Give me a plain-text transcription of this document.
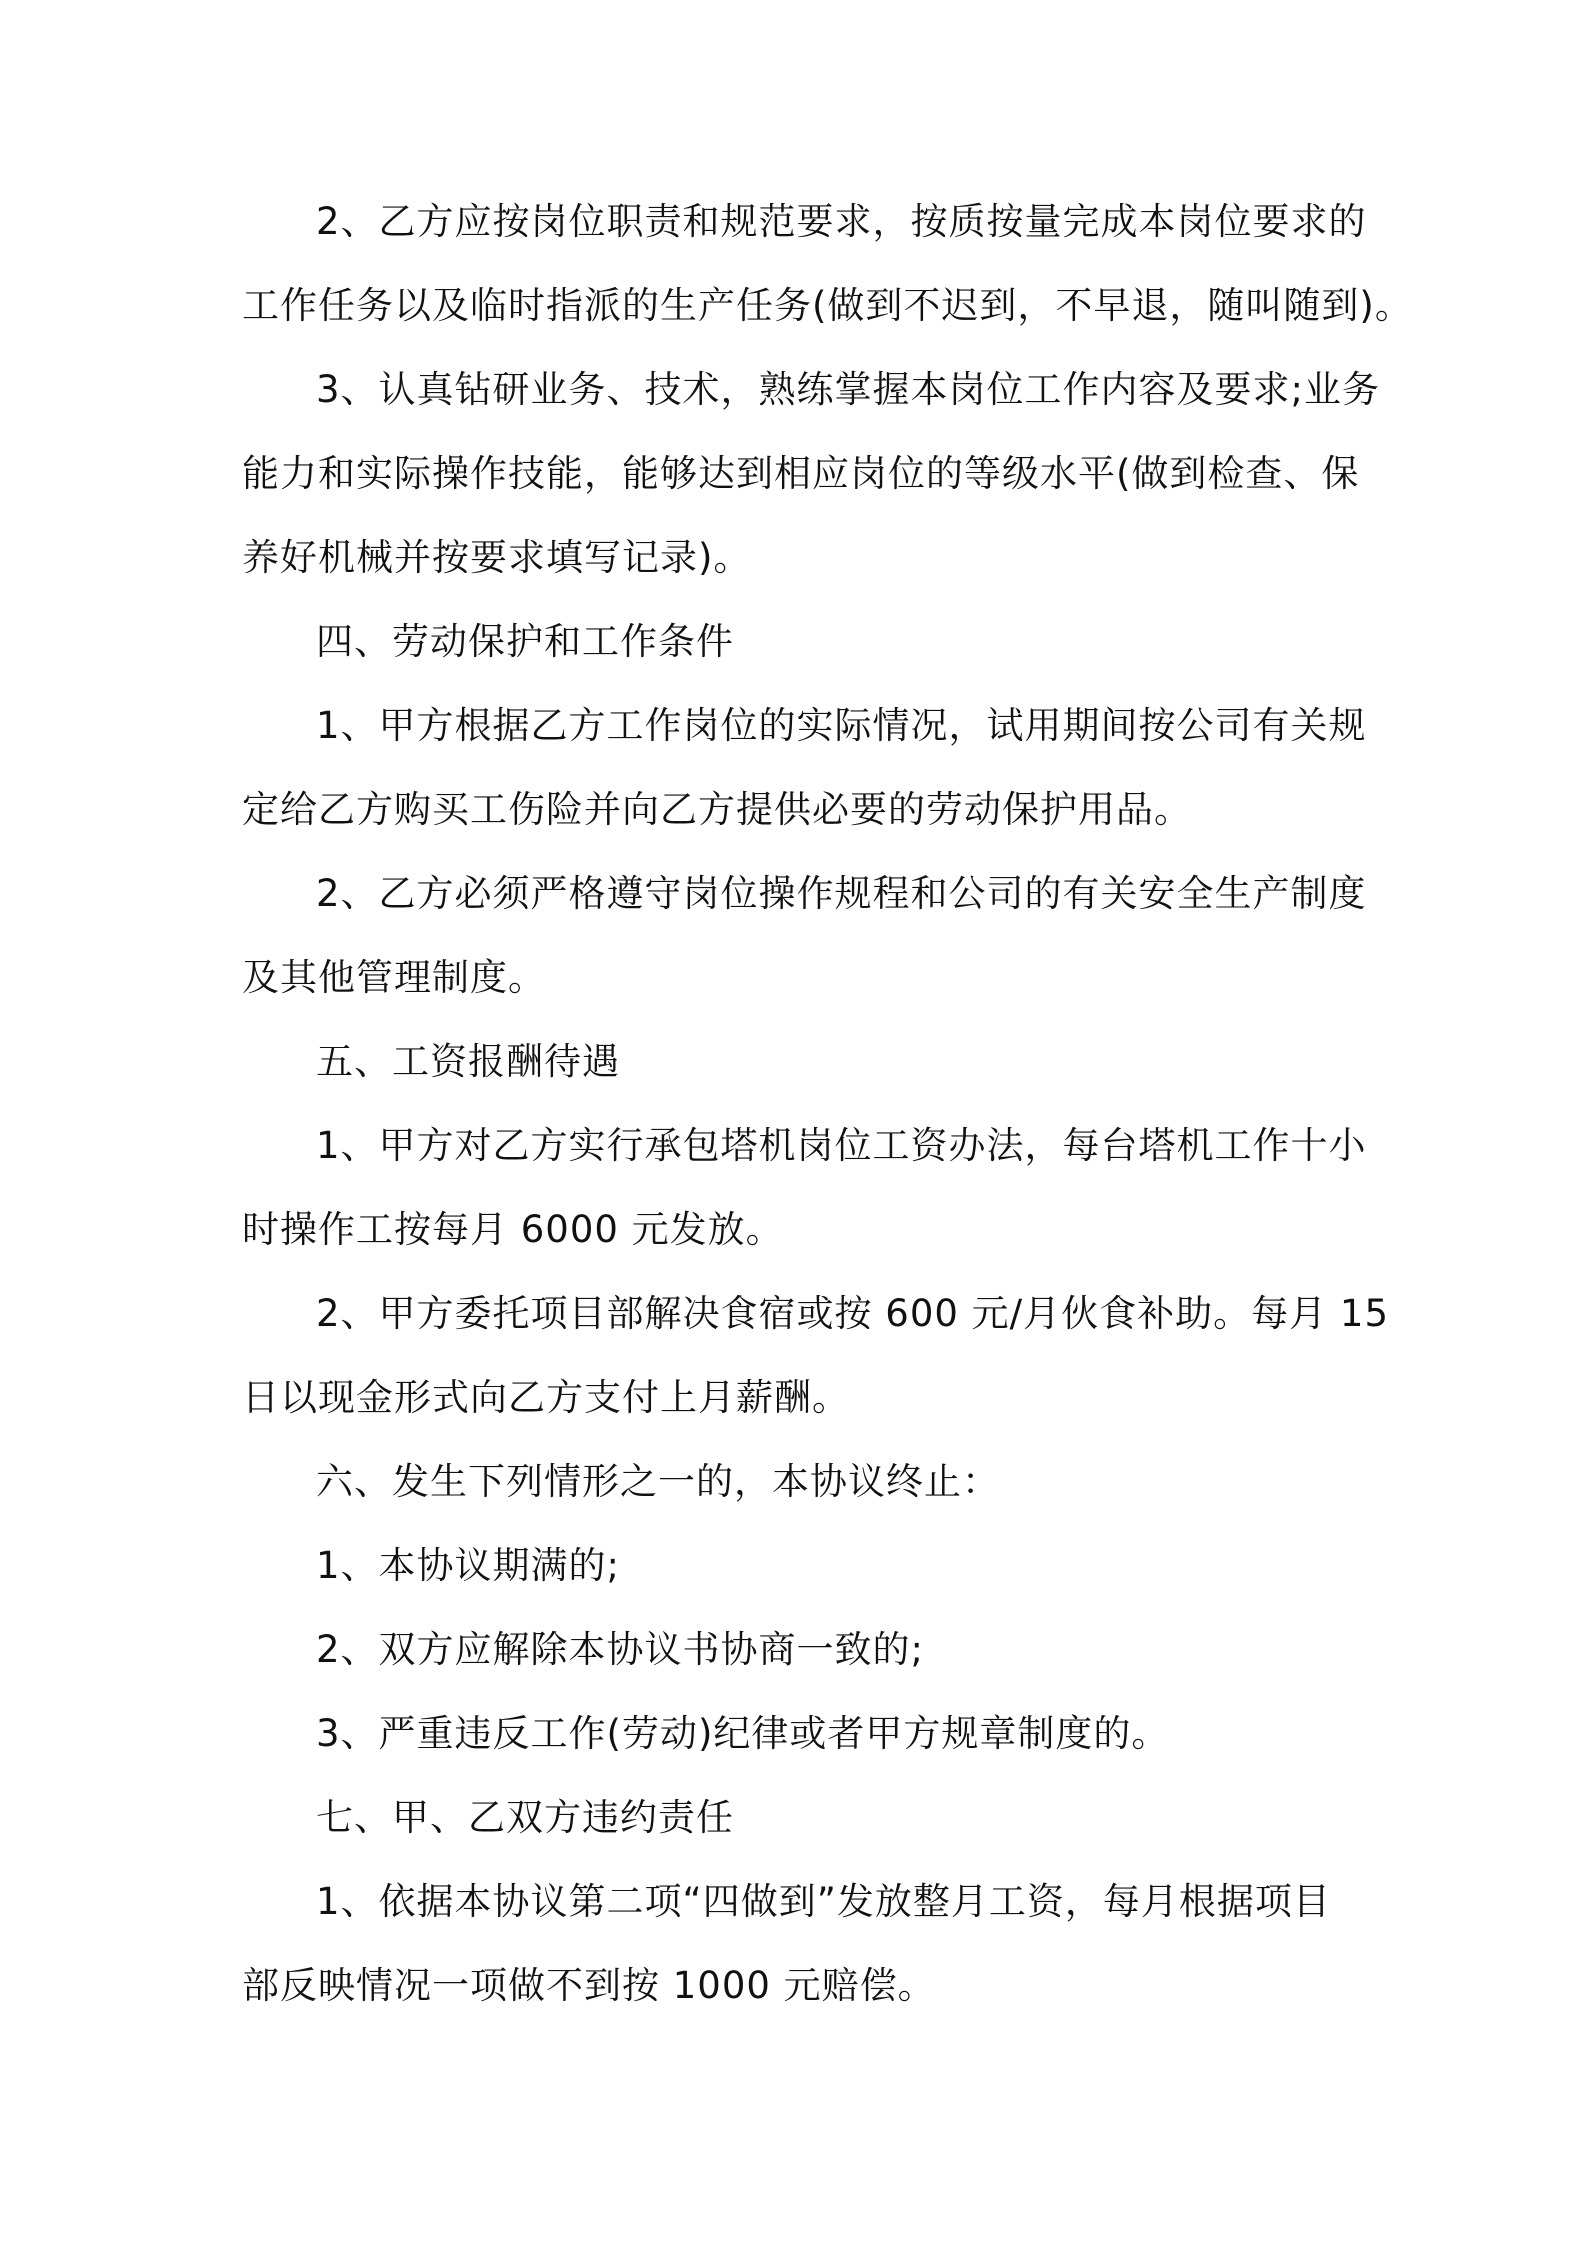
2、乙方应按岗位职责和规范要求，按质按量完成本岗位要求的
工作任务以及临时指派的生产任务(做到不迟到，不早退，随叫随到)。
3、认真钻研业务、技术，熟练掌握本岗位工作内容及要求;业务
能力和实际操作技能，能够达到相应岗位的等级水平(做到检查、保
养好机械并按要求填写记录)。
四、劳动保护和工作条件
1、甲方根据乙方工作岗位的实际情况，试用期间按公司有关规
定给乙方购买工伤险并向乙方提供必要的劳动保护用品。
2、乙方必须严格遵守岗位操作规程和公司的有关安全生产制度
及其他管理制度。
五、工资报酬待遇
1、甲方对乙方实行承包塔机岗位工资办法，每台塔机工作十小
时操作工按每月 6000 元发放。
2、甲方委托项目部解决食宿或按 600 元/月伙食补助。每月 15
日以现金形式向乙方支付上月薪酬。
六、发生下列情形之一的，本协议终止：
1、本协议期满的;
2、双方应解除本协议书协商一致的;
3、严重违反工作(劳动)纪律或者甲方规章制度的。
七、甲、乙双方违约责任
1、依据本协议第二项“四做到”发放整月工资，每月根据项目
部反映情况一项做不到按 1000 元赔偿。
